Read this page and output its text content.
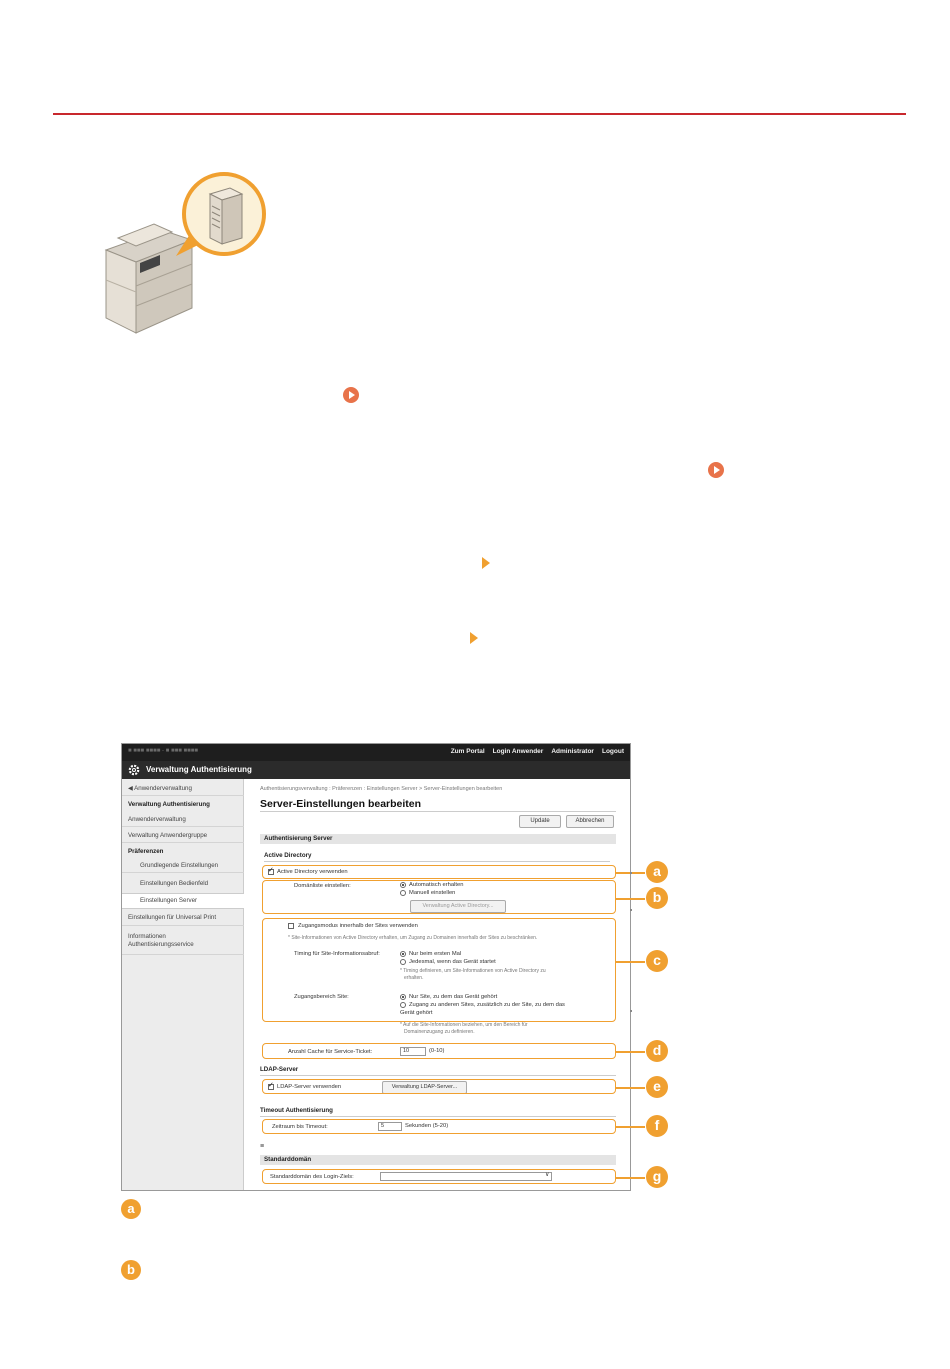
■ ■■■ ■■■■ - ■ ■■■ ■■■■	Zum Portal Login Anwender Administrator Logout
Verwaltung Authentisierung
◀ Anwenderverwaltung
Verwaltung Authentisierung
Anwenderverwaltung
Verwaltung Anwendergruppe
Präferenzen
Grundlegende Einstellungen
Einstellungen Bedienfeld
Einstellungen Server
Einstellungen für Universal Print
Informationen Authentisierungsservice
Authentisierungsverwaltung : Präferenzen : Einstellungen Server > Server-Einstellungen bearbeiten
Server-Einstellungen bearbeiten
Update	Abbrechen
Authentisierung Server
Active Directory
✓
Active Directory verwenden
Domänliste einstellen:	Automatisch erhalten
Manuell einstellen
Verwaltung Active Directory...
Zugangsmodus innerhalb der Sites verwenden
* Site-Informationen von Active Directory erhalten, um Zugang zu Domainen innerhalb der Sites zu beschränken.
Timing für Site-Informationsabruf:	Nur beim ersten Mal
Jedesmal, wenn das Gerät startet
* Timing definieren, um Site-Informationen von Active Directory zu
erhalten.
Zugangsbereich Site:	Nur Site, zu dem das Gerät gehört
Zugang zu anderen Sites, zusätzlich zu der Site, zu dem das
Gerät gehört
* Auf die Site-Informationen beziehen, um den Bereich für
Domainenzugang zu definieren.
Anzahl Cache für Service-Ticket:	10	(0-10)
LDAP-Server
✓
LDAP-Server verwenden	Verwaltung LDAP-Server...
Timeout Authentisierung
Zeitraum bis Timeout:	5	Sekunden (5-20)
≡
Standarddomän
Standarddomän des Login-Ziels:	∨
a
b
c
d
e
f
g
a
b
